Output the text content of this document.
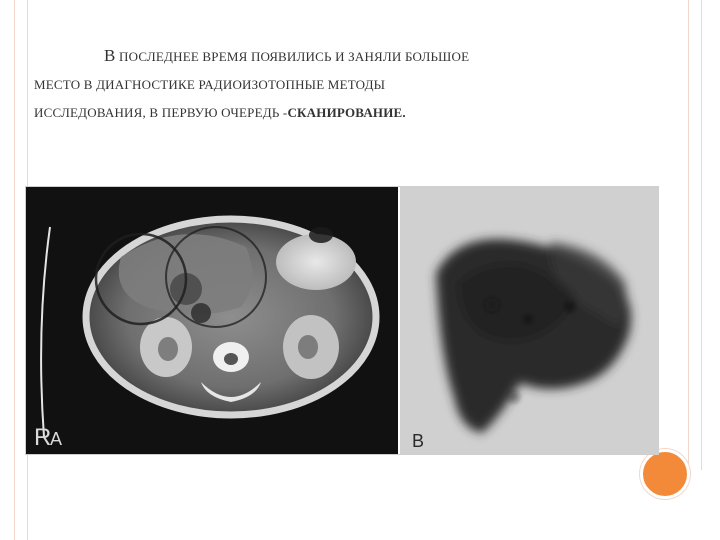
В ПОСЛЕДНЕЕ ВРЕМЯ ПОЯВИЛИСЬ И ЗАНЯЛИ БОЛЬШОЕ
МЕСТО В ДИАГНОСТИКЕ РАДИОИЗОТОПНЫЕ МЕТОДЫ
ИССЛЕДОВАНИЯ, В ПЕРВУЮ ОЧЕРЕДЬ -СКАНИРОВАНИЕ.
R
A	B
